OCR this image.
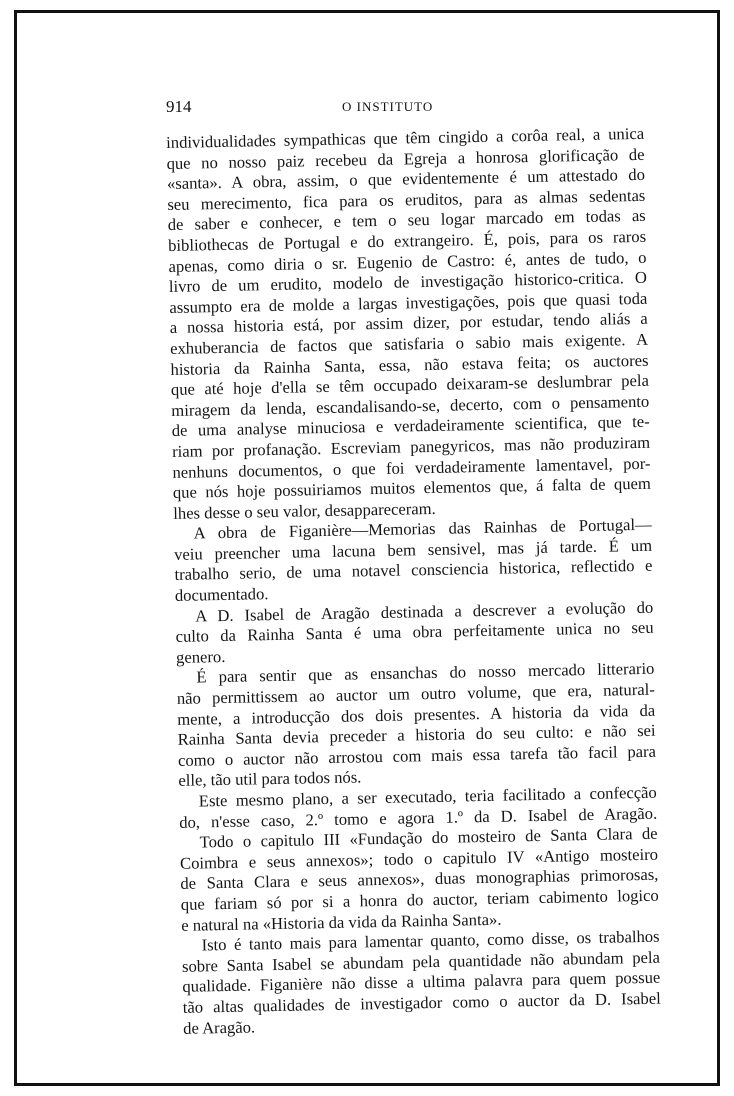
914	O INSTITUTO
individualidades sympathicas que têm cingido a corôa real, a unica
que no nosso paiz recebeu da Egreja a honrosa glorificação de
«santa». A obra, assim, o que evidentemente é um attestado do
seu merecimento, fica para os eruditos, para as almas sedentas
de saber e conhecer, e tem o seu logar marcado em todas as
bibliothecas de Portugal e do extrangeiro. É, pois, para os raros
apenas, como diria o sr. Eugenio de Castro: é, antes de tudo, o
livro de um erudito, modelo de investigação historico-critica. O
assumpto era de molde a largas investigações, pois que quasi toda
a nossa historia está, por assim dizer, por estudar, tendo aliás a
exhuberancia de factos que satisfaria o sabio mais exigente. A
historia da Rainha Santa, essa, não estava feita; os auctores
que até hoje d'ella se têm occupado deixaram-se deslumbrar pela
miragem da lenda, escandalisando-se, decerto, com o pensamento
de uma analyse minuciosa e verdadeiramente scientifica, que te-
riam por profanação. Escreviam panegyricos, mas não produziram
nenhuns documentos, o que foi verdadeiramente lamentavel, por-
que nós hoje possuiriamos muitos elementos que, á falta de quem
lhes desse o seu valor, desappareceram.
A obra de Figanière—Memorias das Rainhas de Portugal—
veiu preencher uma lacuna bem sensivel, mas já tarde. É um
trabalho serio, de uma notavel consciencia historica, reflectido e
documentado.
A D. Isabel de Aragão destinada a descrever a evolução do
culto da Rainha Santa é uma obra perfeitamente unica no seu
genero.
É para sentir que as ensanchas do nosso mercado litterario
não permittissem ao auctor um outro volume, que era, natural-
mente, a introducção dos dois presentes. A historia da vida da
Rainha Santa devia preceder a historia do seu culto: e não sei
como o auctor não arrostou com mais essa tarefa tão facil para
elle, tão util para todos nós.
Este mesmo plano, a ser executado, teria facilitado a confecção
do, n'esse caso, 2.º tomo e agora 1.º da D. Isabel de Aragão.
Todo o capitulo III «Fundação do mosteiro de Santa Clara de
Coimbra e seus annexos»; todo o capitulo IV «Antigo mosteiro
de Santa Clara e seus annexos», duas monographias primorosas,
que fariam só por si a honra do auctor, teriam cabimento logico
e natural na «Historia da vida da Rainha Santa».
Isto é tanto mais para lamentar quanto, como disse, os trabalhos
sobre Santa Isabel se abundam pela quantidade não abundam pela
qualidade. Figanière não disse a ultima palavra para quem possue
tão altas qualidades de investigador como o auctor da D. Isabel
de Aragão.
